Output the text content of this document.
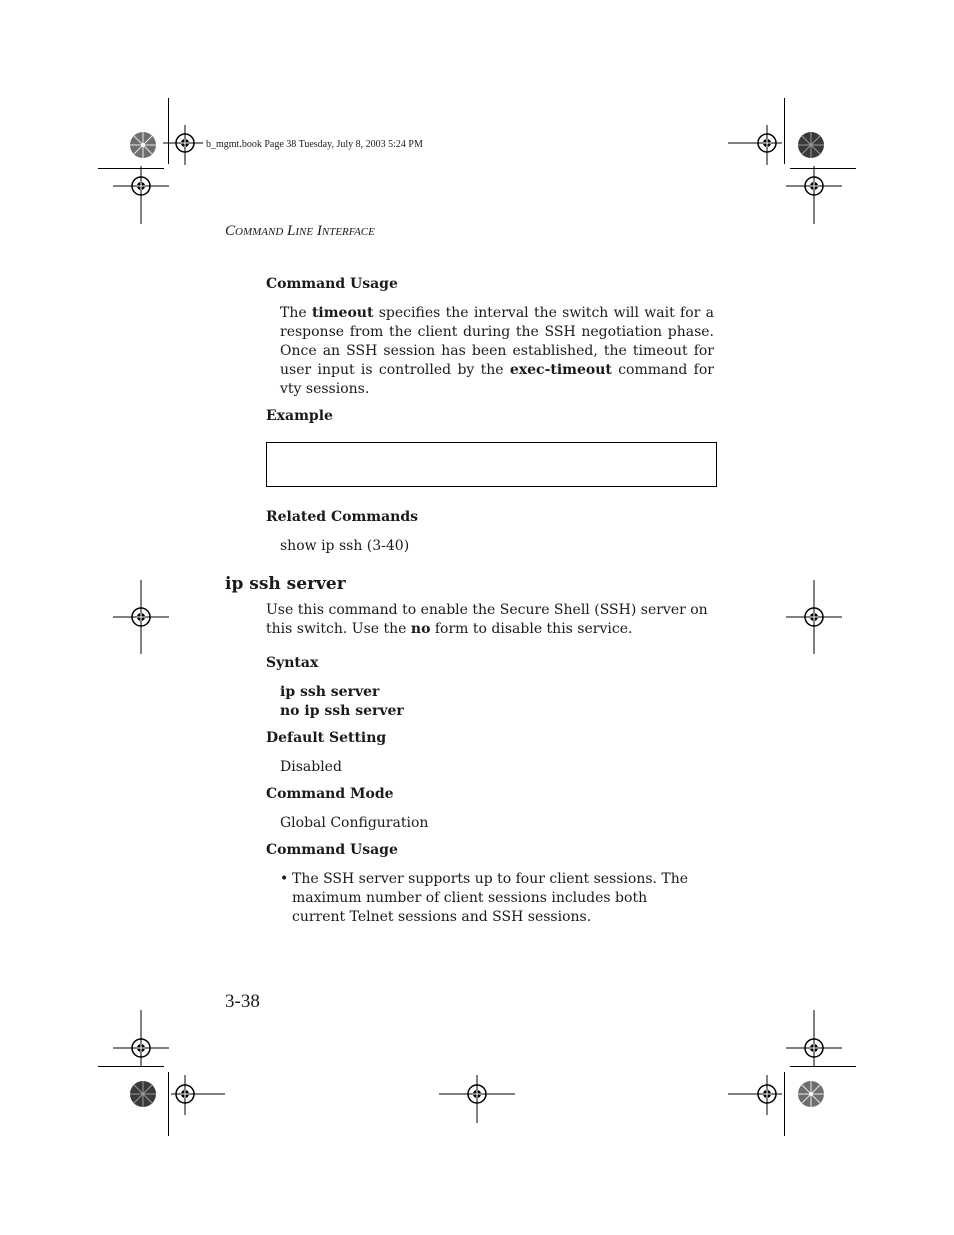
b_mgmt.book Page 38 Tuesday, July 8, 2003 5:24 PM
COMMAND LINE INTERFACE
Command Usage
The timeout specifies the interval the switch will wait for a response from the client during the SSH negotiation phase. Once an SSH session has been established, the timeout for user input is controlled by the exec-timeout command for vty sessions.
Example
Related Commands
show ip ssh (3-40)
ip ssh server
Use this command to enable the Secure Shell (SSH) server on this switch. Use the no form to disable this service.
Syntax
ip ssh server
no ip ssh server
Default Setting
Disabled
Command Mode
Global Configuration
Command Usage
• The SSH server supports up to four client sessions. The maximum number of client sessions includes both current Telnet sessions and SSH sessions.
3-38
